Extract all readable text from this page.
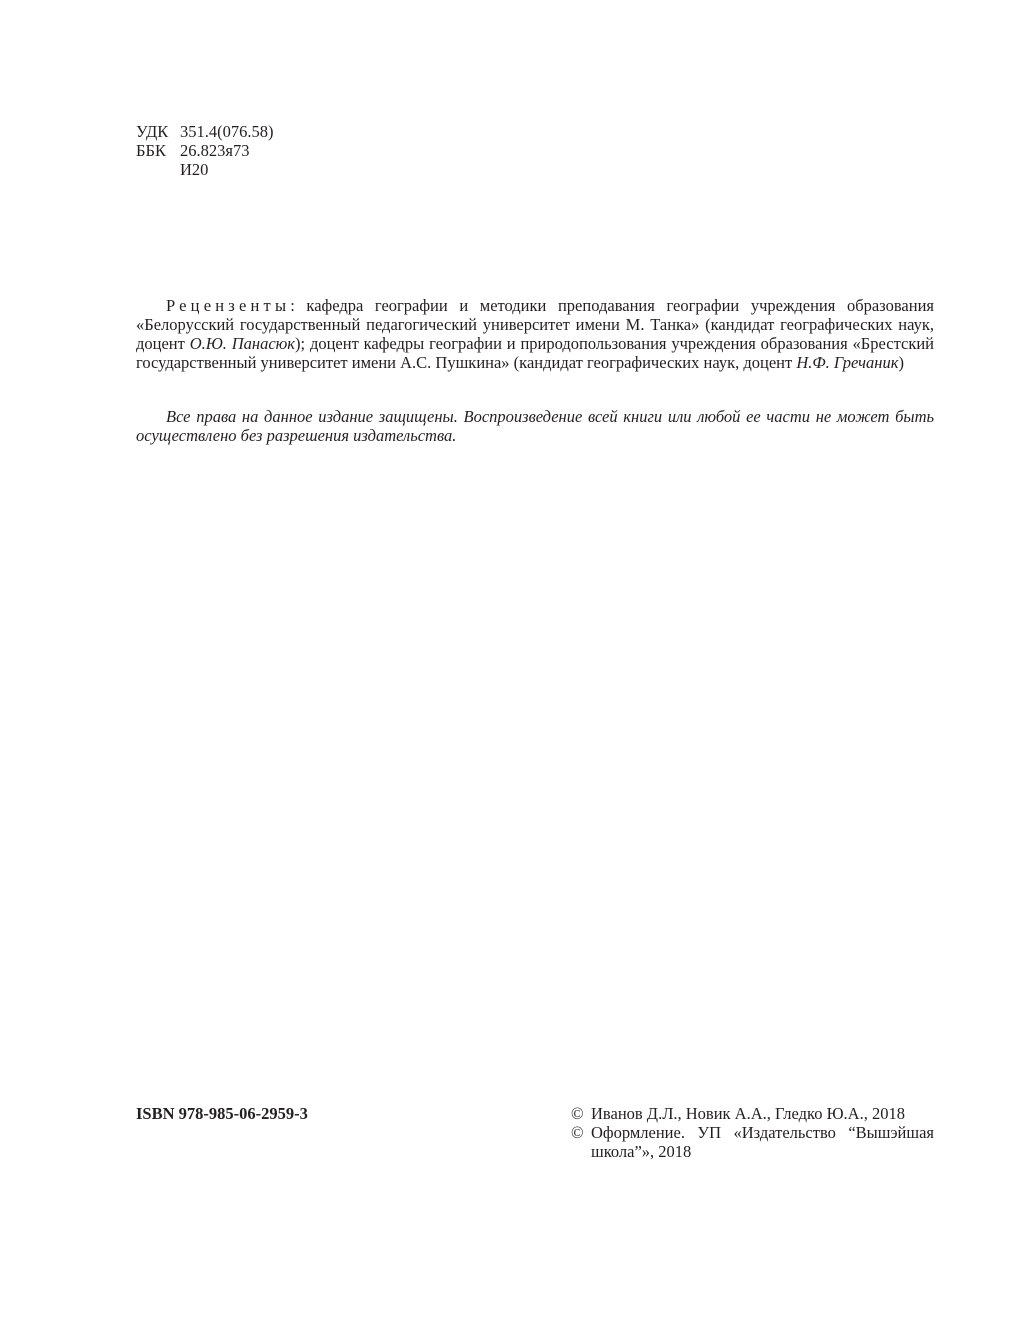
УДК 351.4(076.58)
ББК 26.823я73
И20

Рецензенты: кафедра географии и методики преподавания географии учреждения образования «Белорусский государственный педагогический университет имени М. Танка» (кандидат географических наук, доцент О.Ю. Панасюк); доцент кафедры географии и природопользования учреждения образования «Брестский государственный университет имени А.С. Пушкина» (кандидат географических наук, доцент Н.Ф. Гречаник)

Все права на данное издание защищены. Воспроизведение всей книги или любой ее части не может быть осуществлено без разрешения издательства.

ISBN 978-985-06-2959-3	© Иванов Д.Л., Новик А.А., Гледко Ю.А., 2018
© Оформление. УП «Издательство “Вышэйшая школа”», 2018
